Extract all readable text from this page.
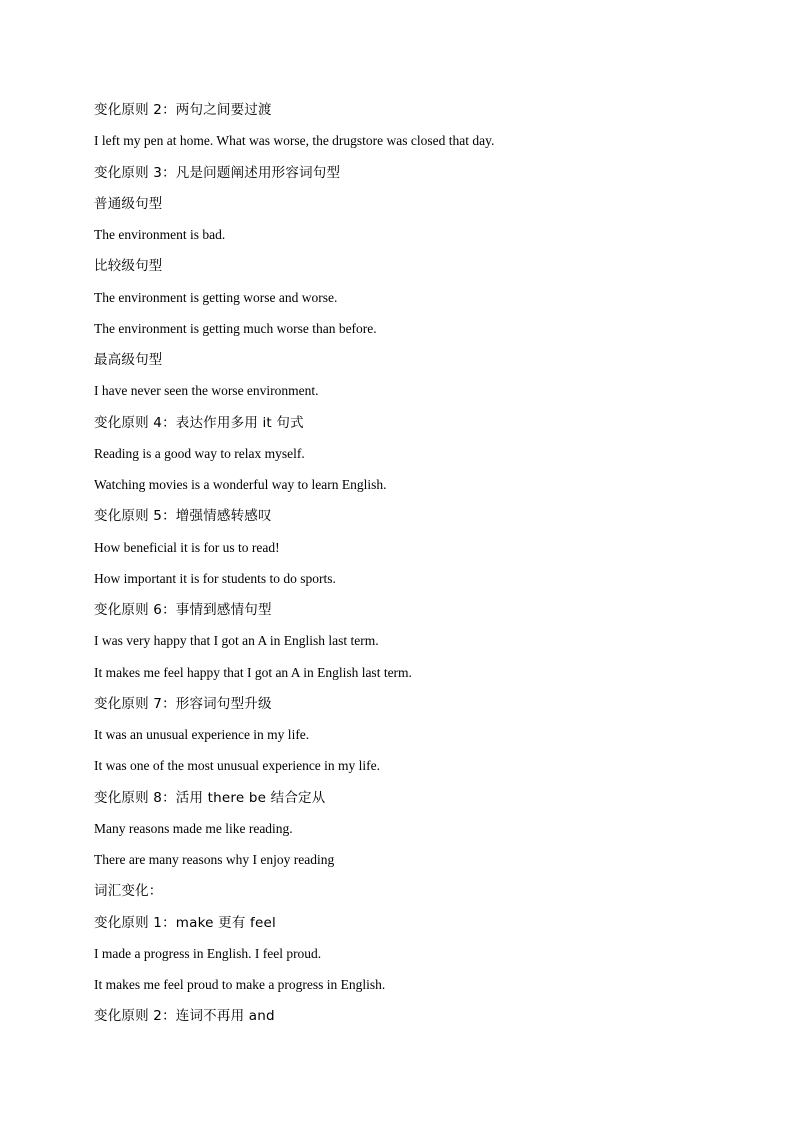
变化原则 2：两句之间要过渡
I left my pen at home. What was worse, the drugstore was closed that day.
变化原则 3：凡是问题阐述用形容词句型
普通级句型
The environment is bad.
比较级句型
The environment is getting worse and worse.
The environment is getting much worse than before.
最高级句型
I have never seen the worse environment.
变化原则 4：表达作用多用 it 句式
Reading is a good way to relax myself.
Watching movies is a wonderful way to learn English.
变化原则 5：增强情感转感叹
How beneficial it is for us to read!
How important it is for students to do sports.
变化原则 6：事情到感情句型
I was very happy that I got an A in English last term.
It makes me feel happy that I got an A in English last term.
变化原则 7：形容词句型升级
It was an unusual experience in my life.
It was one of the most unusual experience in my life.
变化原则 8：活用 there be 结合定从
Many reasons made me like reading.
There are many reasons why I enjoy reading
词汇变化：
变化原则 1：make 更有 feel
I made a progress in English. I feel proud.
It makes me feel proud to make a progress in English.
变化原则 2：连词不再用 and
